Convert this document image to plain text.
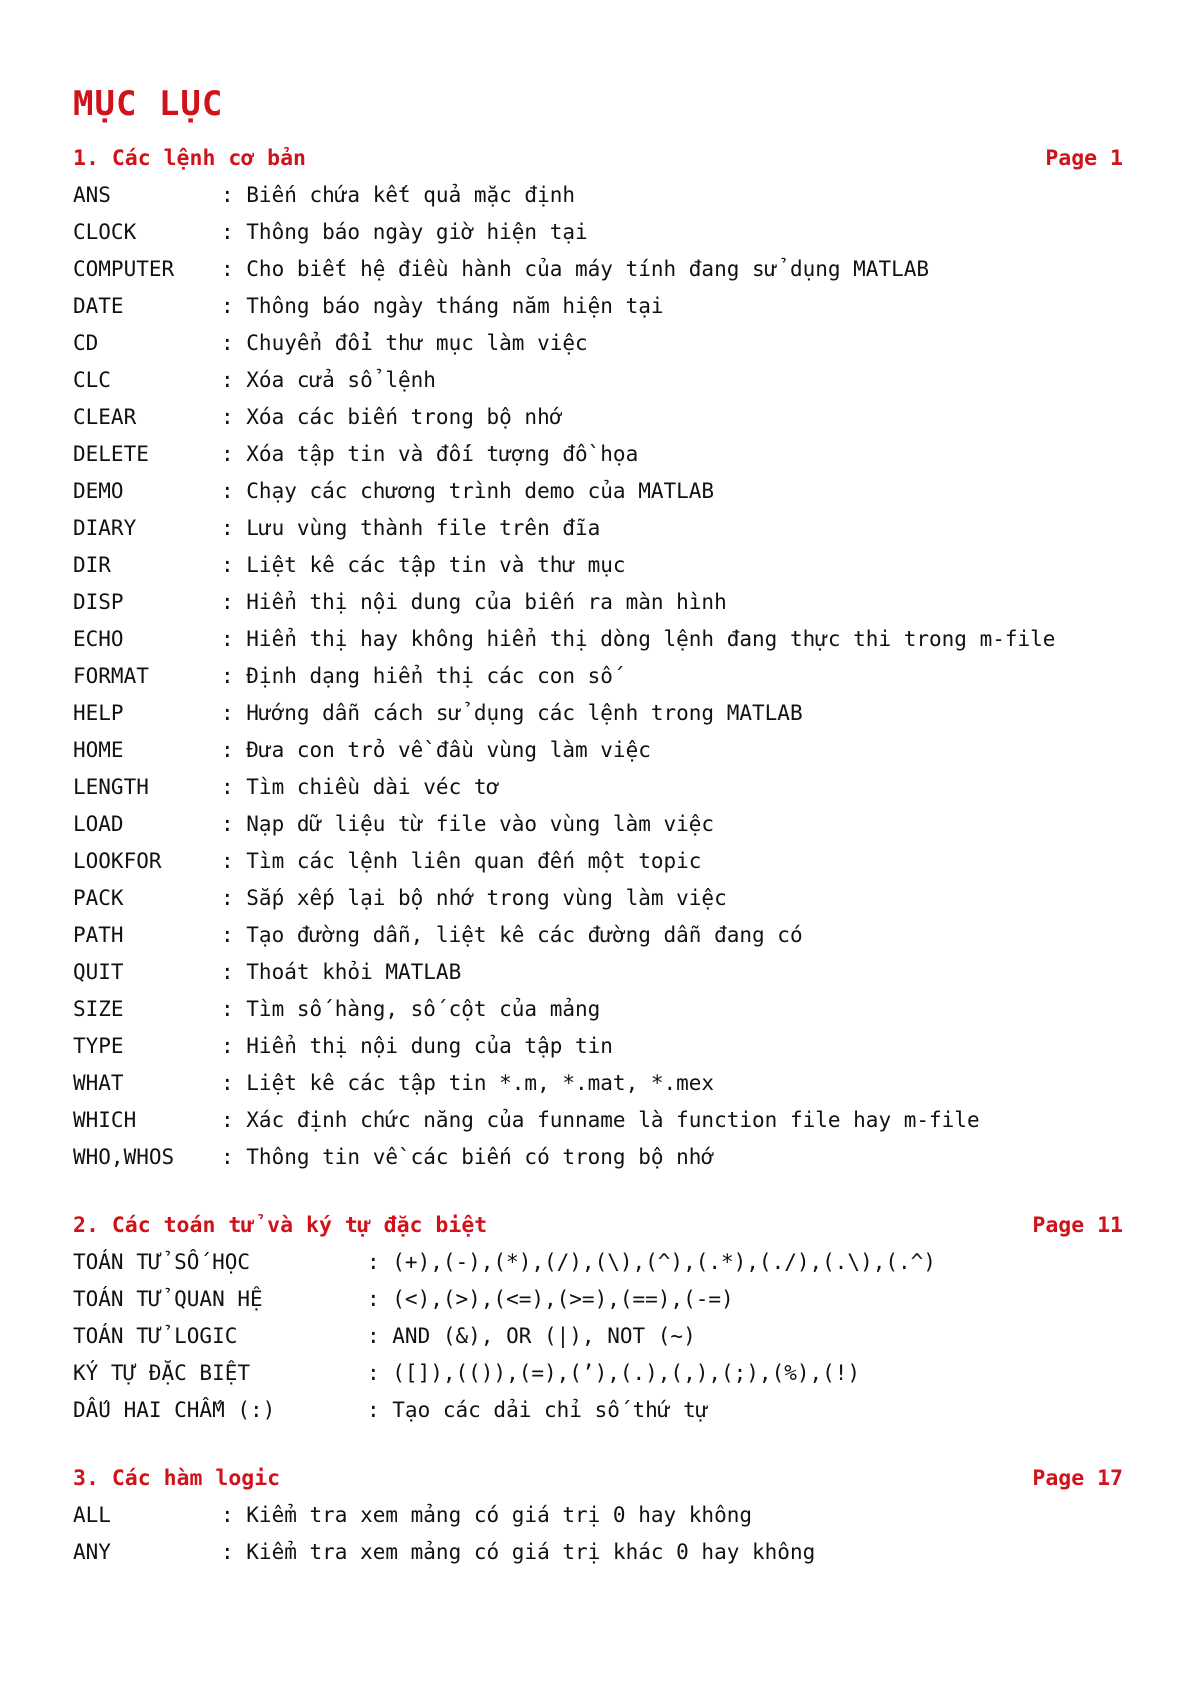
MỤC LỤC
1. Các lệnh cơ bản	Page 1
ANS	: Biến chứa kết quả mặc định
CLOCK	: Thông báo ngày giờ hiện tại
COMPUTER	: Cho biết hệ điều hành của máy tính đang sử dụng MATLAB
DATE	: Thông báo ngày tháng năm hiện tại
CD	: Chuyển đổi thư mục làm việc
CLC	: Xóa cửa sổ lệnh
CLEAR	: Xóa các biến trong bộ nhớ
DELETE	: Xóa tập tin và đối tượng đồ họa
DEMO	: Chạy các chương trình demo của MATLAB
DIARY	: Lưu vùng thành file trên đĩa
DIR	: Liệt kê các tập tin và thư mục
DISP	: Hiển thị nội dung của biến ra màn hình
ECHO	: Hiển thị hay không hiển thị dòng lệnh đang thực thi trong m-file
FORMAT	: Định dạng hiển thị các con số
HELP	: Hướng dẫn cách sử dụng các lệnh trong MATLAB
HOME	: Đưa con trỏ về đầu vùng làm việc
LENGTH	: Tìm chiều dài véc tơ
LOAD	: Nạp dữ liệu từ file vào vùng làm việc
LOOKFOR	: Tìm các lệnh liên quan đến một topic
PACK	: Sắp xếp lại bộ nhớ trong vùng làm việc
PATH	: Tạo đường dẫn, liệt kê các đường dẫn đang có
QUIT	: Thoát khỏi MATLAB
SIZE	: Tìm số hàng, số cột của mảng
TYPE	: Hiển thị nội dung của tập tin
WHAT	: Liệt kê các tập tin *.m, *.mat, *.mex
WHICH	: Xác định chức năng của funname là function file hay m-file
WHO,WHOS	: Thông tin về các biến có trong bộ nhớ
2. Các toán tử và ký tự đặc biệt	Page 11
TOÁN TỬ SỐ HỌC	: (+),(-),(*),(/),(\),(^),(.*),(./),(.\),(.^)
TOÁN TỬ QUAN HỆ	: (<),(>),(<=),(>=),(==),(-=)
TOÁN TỬ LOGIC	: AND (&), OR (|), NOT (~)
KÝ TỰ ĐẶC BIỆT	: ([]),(()),(=),(’),(.),(,),(;),(%),(!)
DẤU HAI CHẤM (:)	: Tạo các dải chỉ số thứ tự
3. Các hàm logic	Page 17
ALL	: Kiểm tra xem mảng có giá trị 0 hay không
ANY	: Kiểm tra xem mảng có giá trị khác 0 hay không
